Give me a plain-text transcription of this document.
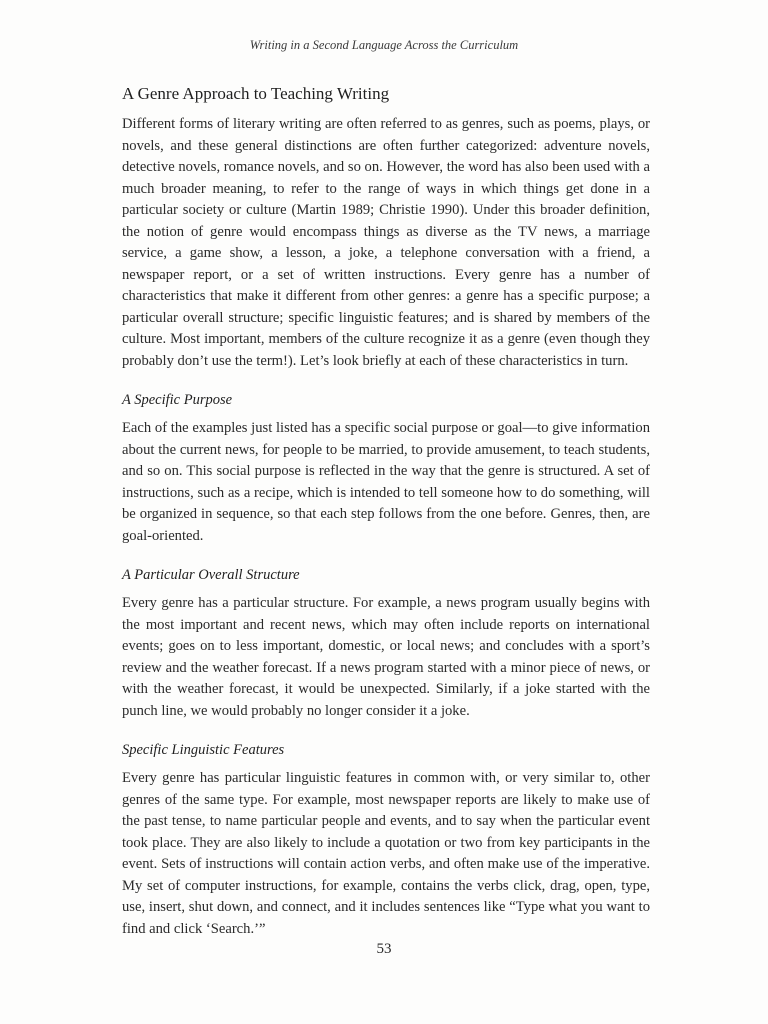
Writing in a Second Language Across the Curriculum
A Genre Approach to Teaching Writing

Different forms of literary writing are often referred to as genres, such as poems, plays, or novels, and these general distinctions are often further categorized: adventure novels, detective novels, romance novels, and so on. However, the word has also been used with a much broader meaning, to refer to the range of ways in which things get done in a particular society or culture (Martin 1989; Christie 1990). Under this broader definition, the notion of genre would encompass things as diverse as the TV news, a marriage service, a game show, a lesson, a joke, a telephone conversation with a friend, a newspaper report, or a set of written instructions. Every genre has a number of characteristics that make it different from other genres: a genre has a specific purpose; a particular overall structure; specific linguistic features; and is shared by members of the culture. Most important, members of the culture recognize it as a genre (even though they probably don’t use the term!). Let’s look briefly at each of these characteristics in turn.

A Specific Purpose

Each of the examples just listed has a specific social purpose or goal—to give information about the current news, for people to be married, to provide amusement, to teach students, and so on. This social purpose is reflected in the way that the genre is structured. A set of instructions, such as a recipe, which is intended to tell someone how to do something, will be organized in sequence, so that each step follows from the one before. Genres, then, are goal-oriented.

A Particular Overall Structure

Every genre has a particular structure. For example, a news program usually begins with the most important and recent news, which may often include reports on international events; goes on to less important, domestic, or local news; and concludes with a sport’s review and the weather forecast. If a news program started with a minor piece of news, or with the weather forecast, it would be unexpected. Similarly, if a joke started with the punch line, we would probably no longer consider it a joke.

Specific Linguistic Features

Every genre has particular linguistic features in common with, or very similar to, other genres of the same type. For example, most newspaper reports are likely to make use of the past tense, to name particular people and events, and to say when the particular event took place. They are also likely to include a quotation or two from key participants in the event. Sets of instructions will contain action verbs, and often make use of the imperative. My set of computer instructions, for example, contains the verbs click, drag, open, type, use, insert, shut down, and connect, and it includes sentences like “Type what you want to find and click ‘Search.’”

53
